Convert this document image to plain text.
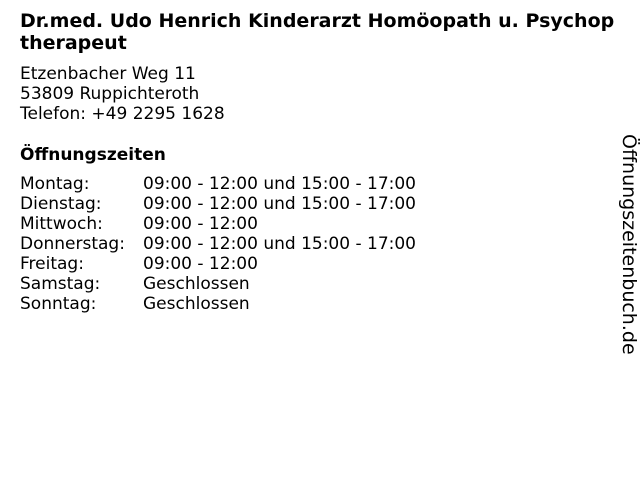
Dr.med. Udo Henrich Kinderarzt Homöopath u. Psychoptherapeut
Etzenbacher Weg 11
53809 Ruppichteroth
Telefon: +49 2295 1628
Öffnungszeiten
Montag:	09:00 - 12:00 und 15:00 - 17:00
Dienstag:	09:00 - 12:00 und 15:00 - 17:00
Mittwoch:	09:00 - 12:00
Donnerstag:	09:00 - 12:00 und 15:00 - 17:00
Freitag:	09:00 - 12:00
Samstag:	Geschlossen
Sonntag:	Geschlossen	Öffnungszeitenbuch.de
